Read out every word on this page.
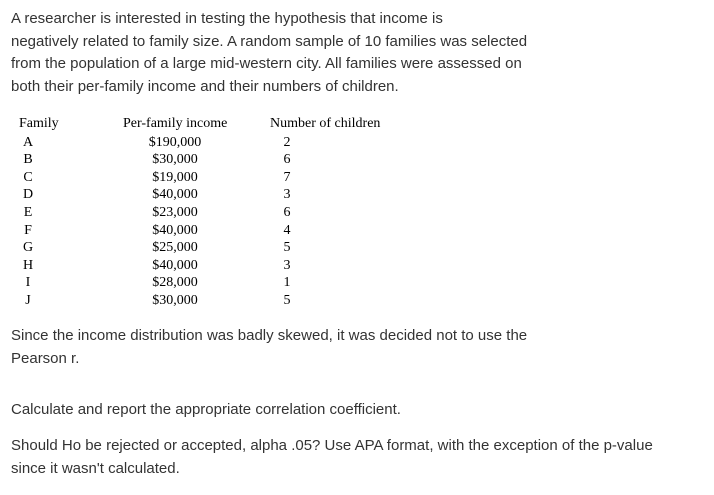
A researcher is interested in testing the hypothesis that income is
negatively related to family size. A random sample of 10 families was selected
from the population of a large mid-western city. All families were assessed on
both their per-family income and their numbers of children.
Family	Per-family income	Number of children
A	$190,000	2
B	$30,000	6
C	$19,000	7
D	$40,000	3
E	$23,000	6
F	$40,000	4
G	$25,000	5
H	$40,000	3
I	$28,000	1
J	$30,000	5
Since the income distribution was badly skewed, it was decided not to use the
Pearson r.
Calculate and report the appropriate correlation coefficient.
Should Ho be rejected or accepted, alpha .05? Use APA format, with the exception of the p-value
since it wasn't calculated.
